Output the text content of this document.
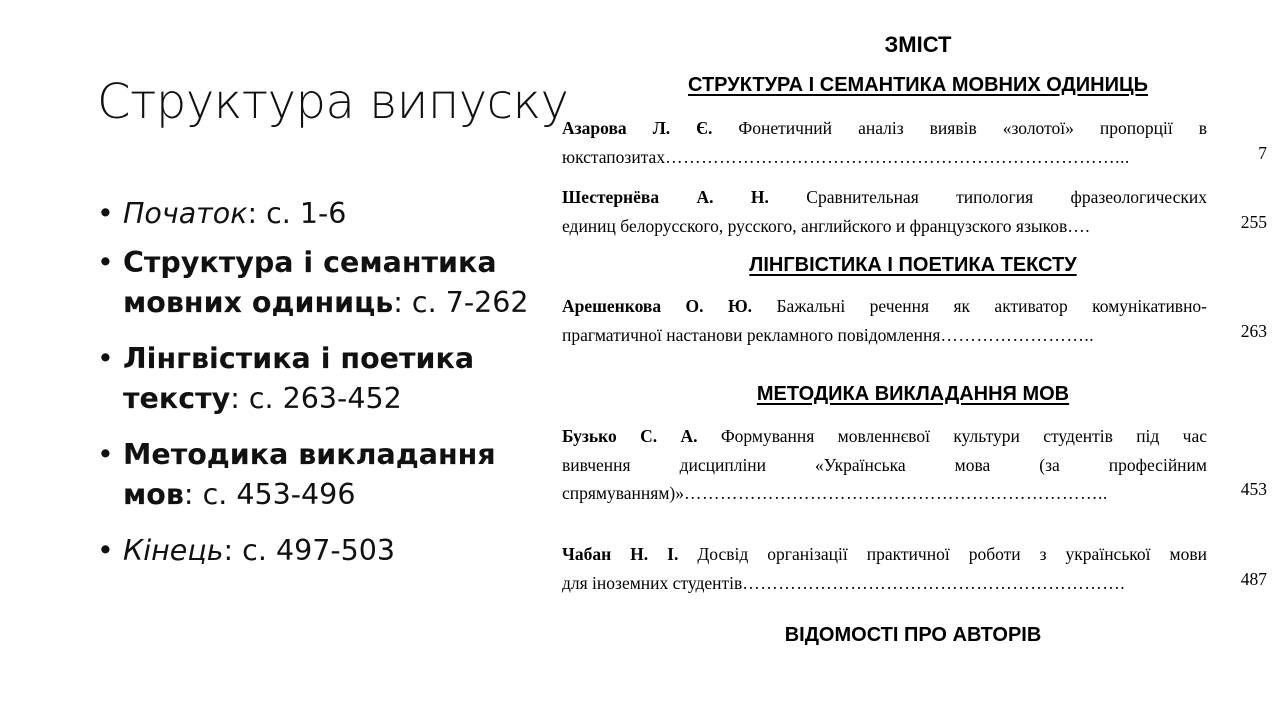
Структура випуску
• Початок: с. 1-6
• Структура і семантика мовних одиниць: с. 7-262
• Лінгвістика і поетика тексту: с. 263-452
• Методика викладання мов: с. 453-496
• Кінець: с. 497-503
ЗМІСТ
СТРУКТУРА І СЕМАНТИКА МОВНИХ ОДИНИЦЬ
Азарова Л. Є. Фонетичний аналіз виявів «золотої» пропорції в
юкстапозитах…………………………………………………………………...	7
Шестернёва А. Н. Сравнительная типология фразеологических
единиц белорусского, русского, английского и французского языков….	255
ЛІНГВІСТИКА І ПОЕТИКА ТЕКСТУ
Арешенкова О. Ю. Бажальні речення як активатор комунікативно-
прагматичної настанови рекламного повідомлення……………………..	263
МЕТОДИКА ВИКЛАДАННЯ МОВ
Бузько С. А. Формування мовленнєвої культури студентів під час
вивчення дисципліни «Українська мова (за професійним
спрямуванням)»……………………………………………………………..	453
Чабан Н. І. Досвід організації практичної роботи з української мови
для іноземних студентів……………………………………………………….	487
ВІДОМОСТІ ПРО АВТОРІВ
